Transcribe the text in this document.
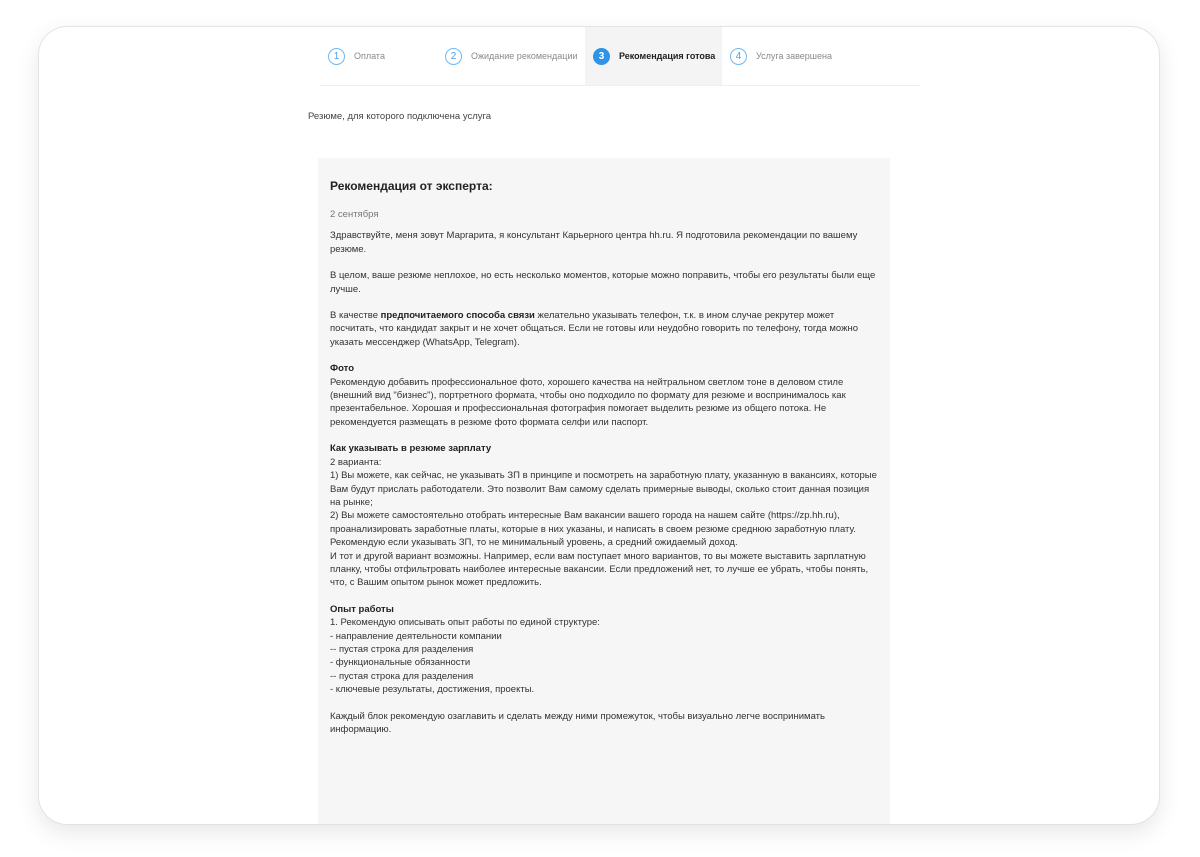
1	Оплата	2	Ожидание рекомендации	3	Рекомендация готова	4	Услуга завершена
Резюме, для которого подключена услуга
Рекомендация от эксперта:
2 сентября

Здравствуйте, меня зовут Маргарита, я консультант Карьерного центра hh.ru. Я подготовила рекомендации по вашему резюме.

В целом, ваше резюме неплохое, но есть несколько моментов, которые можно поправить, чтобы его результаты были еще лучше.

В качестве предпочитаемого способа связи желательно указывать телефон, т.к. в ином случае рекрутер может посчитать, что кандидат закрыт и не хочет общаться. Если не готовы или неудобно говорить по телефону, тогда можно указать мессенджер (WhatsApp, Telegram).

Фото
Рекомендую добавить профессиональное фото, хорошего качества на нейтральном светлом тоне в деловом стиле (внешний вид "бизнес"), портретного формата, чтобы оно подходило по формату для резюме и воспринималось как презентабельное. Хорошая и профессиональная фотография помогает выделить резюме из общего потока. Не рекомендуется размещать в резюме фото формата селфи или паспорт.
Как указывать в резюме зарплату
2 варианта:
1) Вы можете, как сейчас, не указывать ЗП в принципе и посмотреть на заработную плату, указанную в вакансиях, которые Вам будут прислать работодатели. Это позволит Вам самому сделать примерные выводы, сколько стоит данная позиция на рынке;
2) Вы можете самостоятельно отобрать интересные Вам вакансии вашего города на нашем сайте (https://zp.hh.ru), проанализировать заработные платы, которые в них указаны, и написать в своем резюме среднюю заработную плату. Рекомендую если указывать ЗП, то не минимальный уровень, а средний ожидаемый доход.
И тот и другой вариант возможны. Например, если вам поступает много вариантов, то вы можете выставить зарплатную планку, чтобы отфильтровать наиболее интересные вакансии. Если предложений нет, то лучше ее убрать, чтобы понять, что, с Вашим опытом рынок может предложить.
Опыт работы
1. Рекомендую описывать опыт работы по единой структуре:
- направление деятельности компании
-- пустая строка для разделения
- функциональные обязанности
-- пустая строка для разделения
- ключевые результаты, достижения, проекты.

Каждый блок рекомендую озаглавить и сделать между ними промежуток, чтобы визуально легче воспринимать информацию.
